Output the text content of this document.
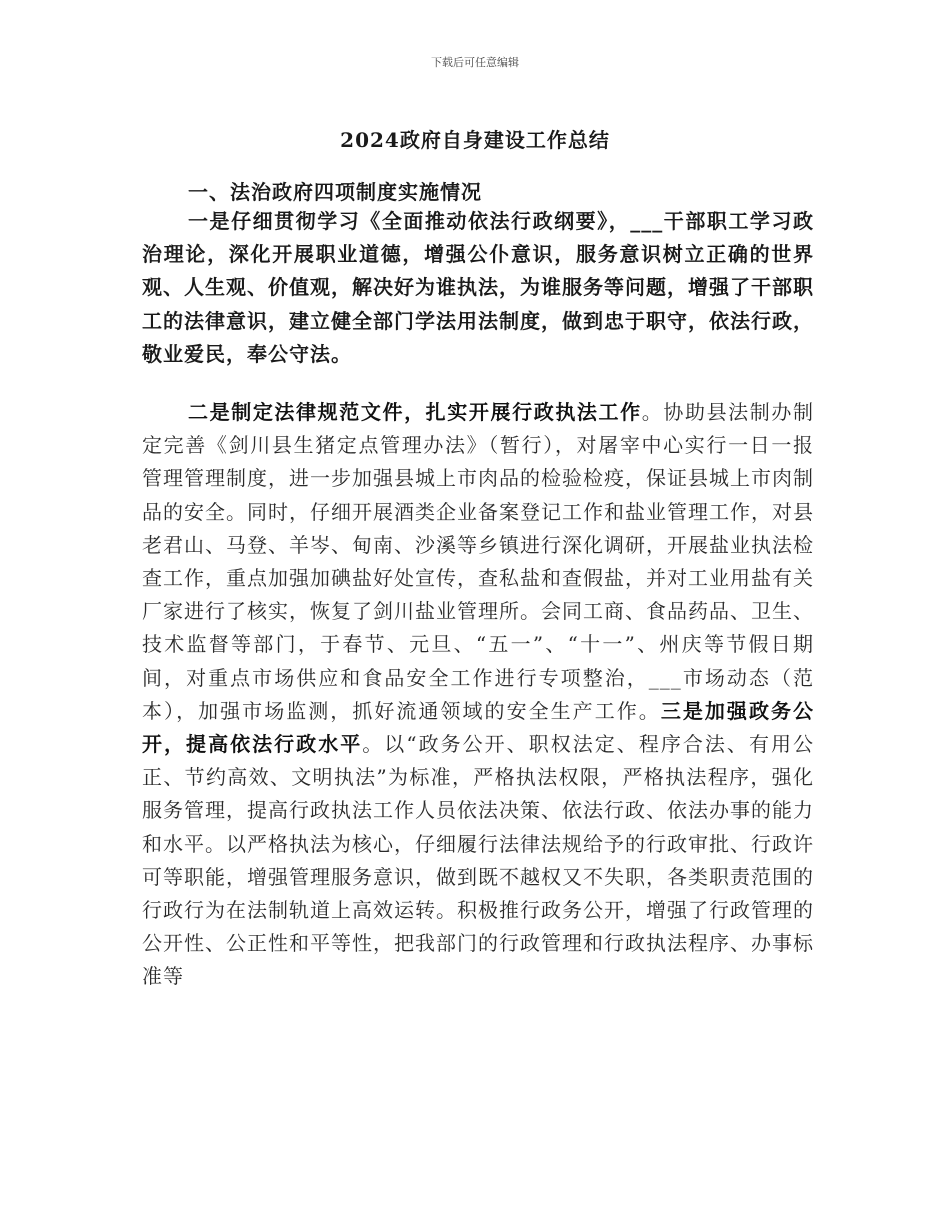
下载后可任意编辑
2024政府自身建设工作总结
一、法治政府四项制度实施情况

一是仔细贯彻学习《全面推动依法行政纲要》，___干部职工学习政治理论，深化开展职业道德，增强公仆意识，服务意识树立正确的世界观、人生观、价值观，解决好为谁执法，为谁服务等问题，增强了干部职工的法律意识，建立健全部门学法用法制度，做到忠于职守，依法行政，敬业爱民，奉公守法。

二是制定法律规范文件，扎实开展行政执法工作。协助县法制办制定完善《剑川县生猪定点管理办法》（暂行），对屠宰中心实行一日一报管理管理制度，进一步加强县城上市肉品的检验检疫，保证县城上市肉制品的安全。同时，仔细开展酒类企业备案登记工作和盐业管理工作，对县老君山、马登、羊岑、甸南、沙溪等乡镇进行深化调研，开展盐业执法检查工作，重点加强加碘盐好处宣传，查私盐和查假盐，并对工业用盐有关厂家进行了核实，恢复了剑川盐业管理所。会同工商、食品药品、卫生、技术监督等部门，于春节、元旦、“五一”、“十一”、州庆等节假日期间，对重点市场供应和食品安全工作进行专项整治，___市场动态（范本），加强市场监测，抓好流通领域的安全生产工作。三是加强政务公开，提高依法行政水平。以“政务公开、职权法定、程序合法、有用公正、节约高效、文明执法”为标准，严格执法权限，严格执法程序，强化服务管理，提高行政执法工作人员依法决策、依法行政、依法办事的能力和水平。以严格执法为核心，仔细履行法律法规给予的行政审批、行政许可等职能，增强管理服务意识，做到既不越权又不失职，各类职责范围的行政行为在法制轨道上高效运转。积极推行政务公开，增强了行政管理的公开性、公正性和平等性，把我部门的行政管理和行政执法程序、办事标准等
